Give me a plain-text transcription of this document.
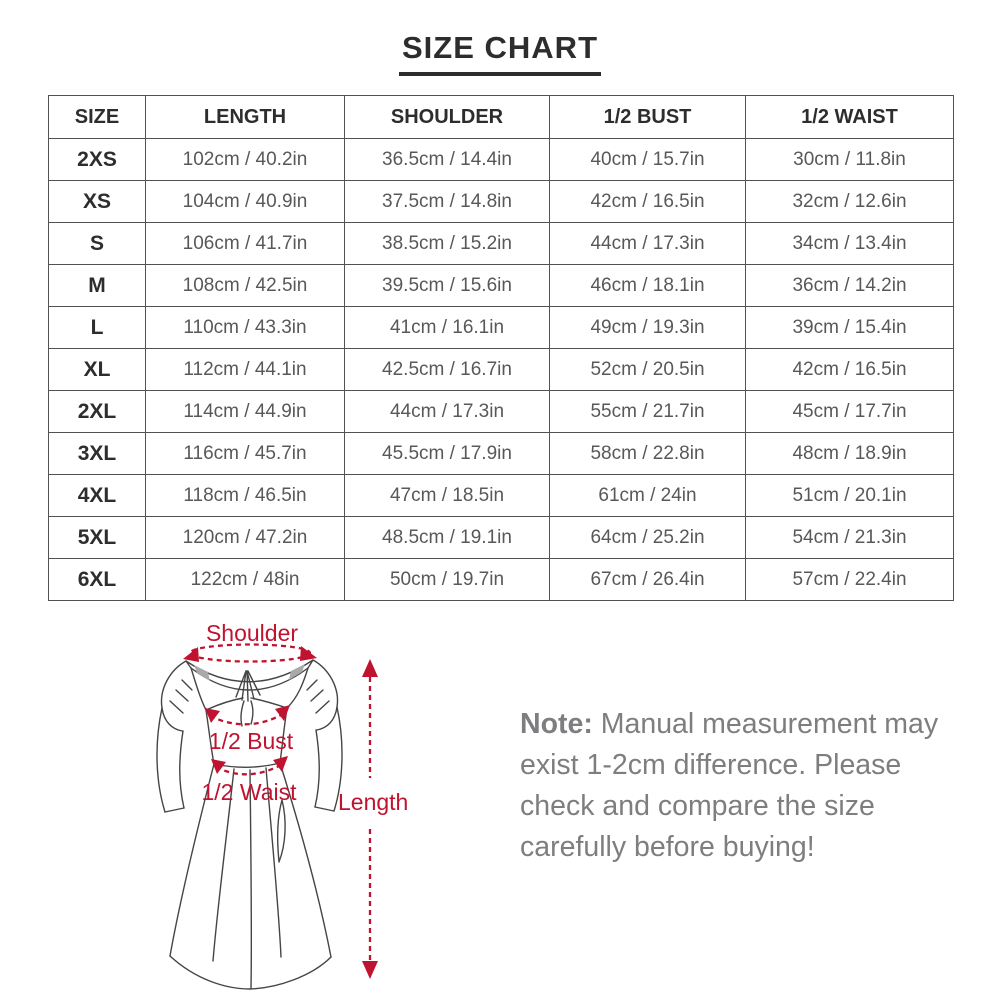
SIZE CHART
SIZE	LENGTH	SHOULDER	1/2 BUST	1/2 WAIST
2XS	102cm / 40.2in	36.5cm / 14.4in	40cm / 15.7in	30cm / 11.8in
XS	104cm / 40.9in	37.5cm / 14.8in	42cm / 16.5in	32cm / 12.6in
S	106cm / 41.7in	38.5cm / 15.2in	44cm / 17.3in	34cm / 13.4in
M	108cm / 42.5in	39.5cm / 15.6in	46cm / 18.1in	36cm / 14.2in
L	110cm / 43.3in	41cm / 16.1in	49cm / 19.3in	39cm / 15.4in
XL	112cm / 44.1in	42.5cm / 16.7in	52cm / 20.5in	42cm / 16.5in
2XL	114cm / 44.9in	44cm / 17.3in	55cm / 21.7in	45cm / 17.7in
3XL	116cm / 45.7in	45.5cm / 17.9in	58cm / 22.8in	48cm / 18.9in
4XL	118cm / 46.5in	47cm / 18.5in	61cm / 24in	51cm / 20.1in
5XL	120cm / 47.2in	48.5cm / 19.1in	64cm / 25.2in	54cm / 21.3in
6XL	122cm / 48in	50cm / 19.7in	67cm / 26.4in	57cm / 22.4in
Shoulder
1/2 Bust
1/2 Waist Length
Note: Manual measurement may
exist 1-2cm difference. Please
check and compare the size
carefully before buying!
